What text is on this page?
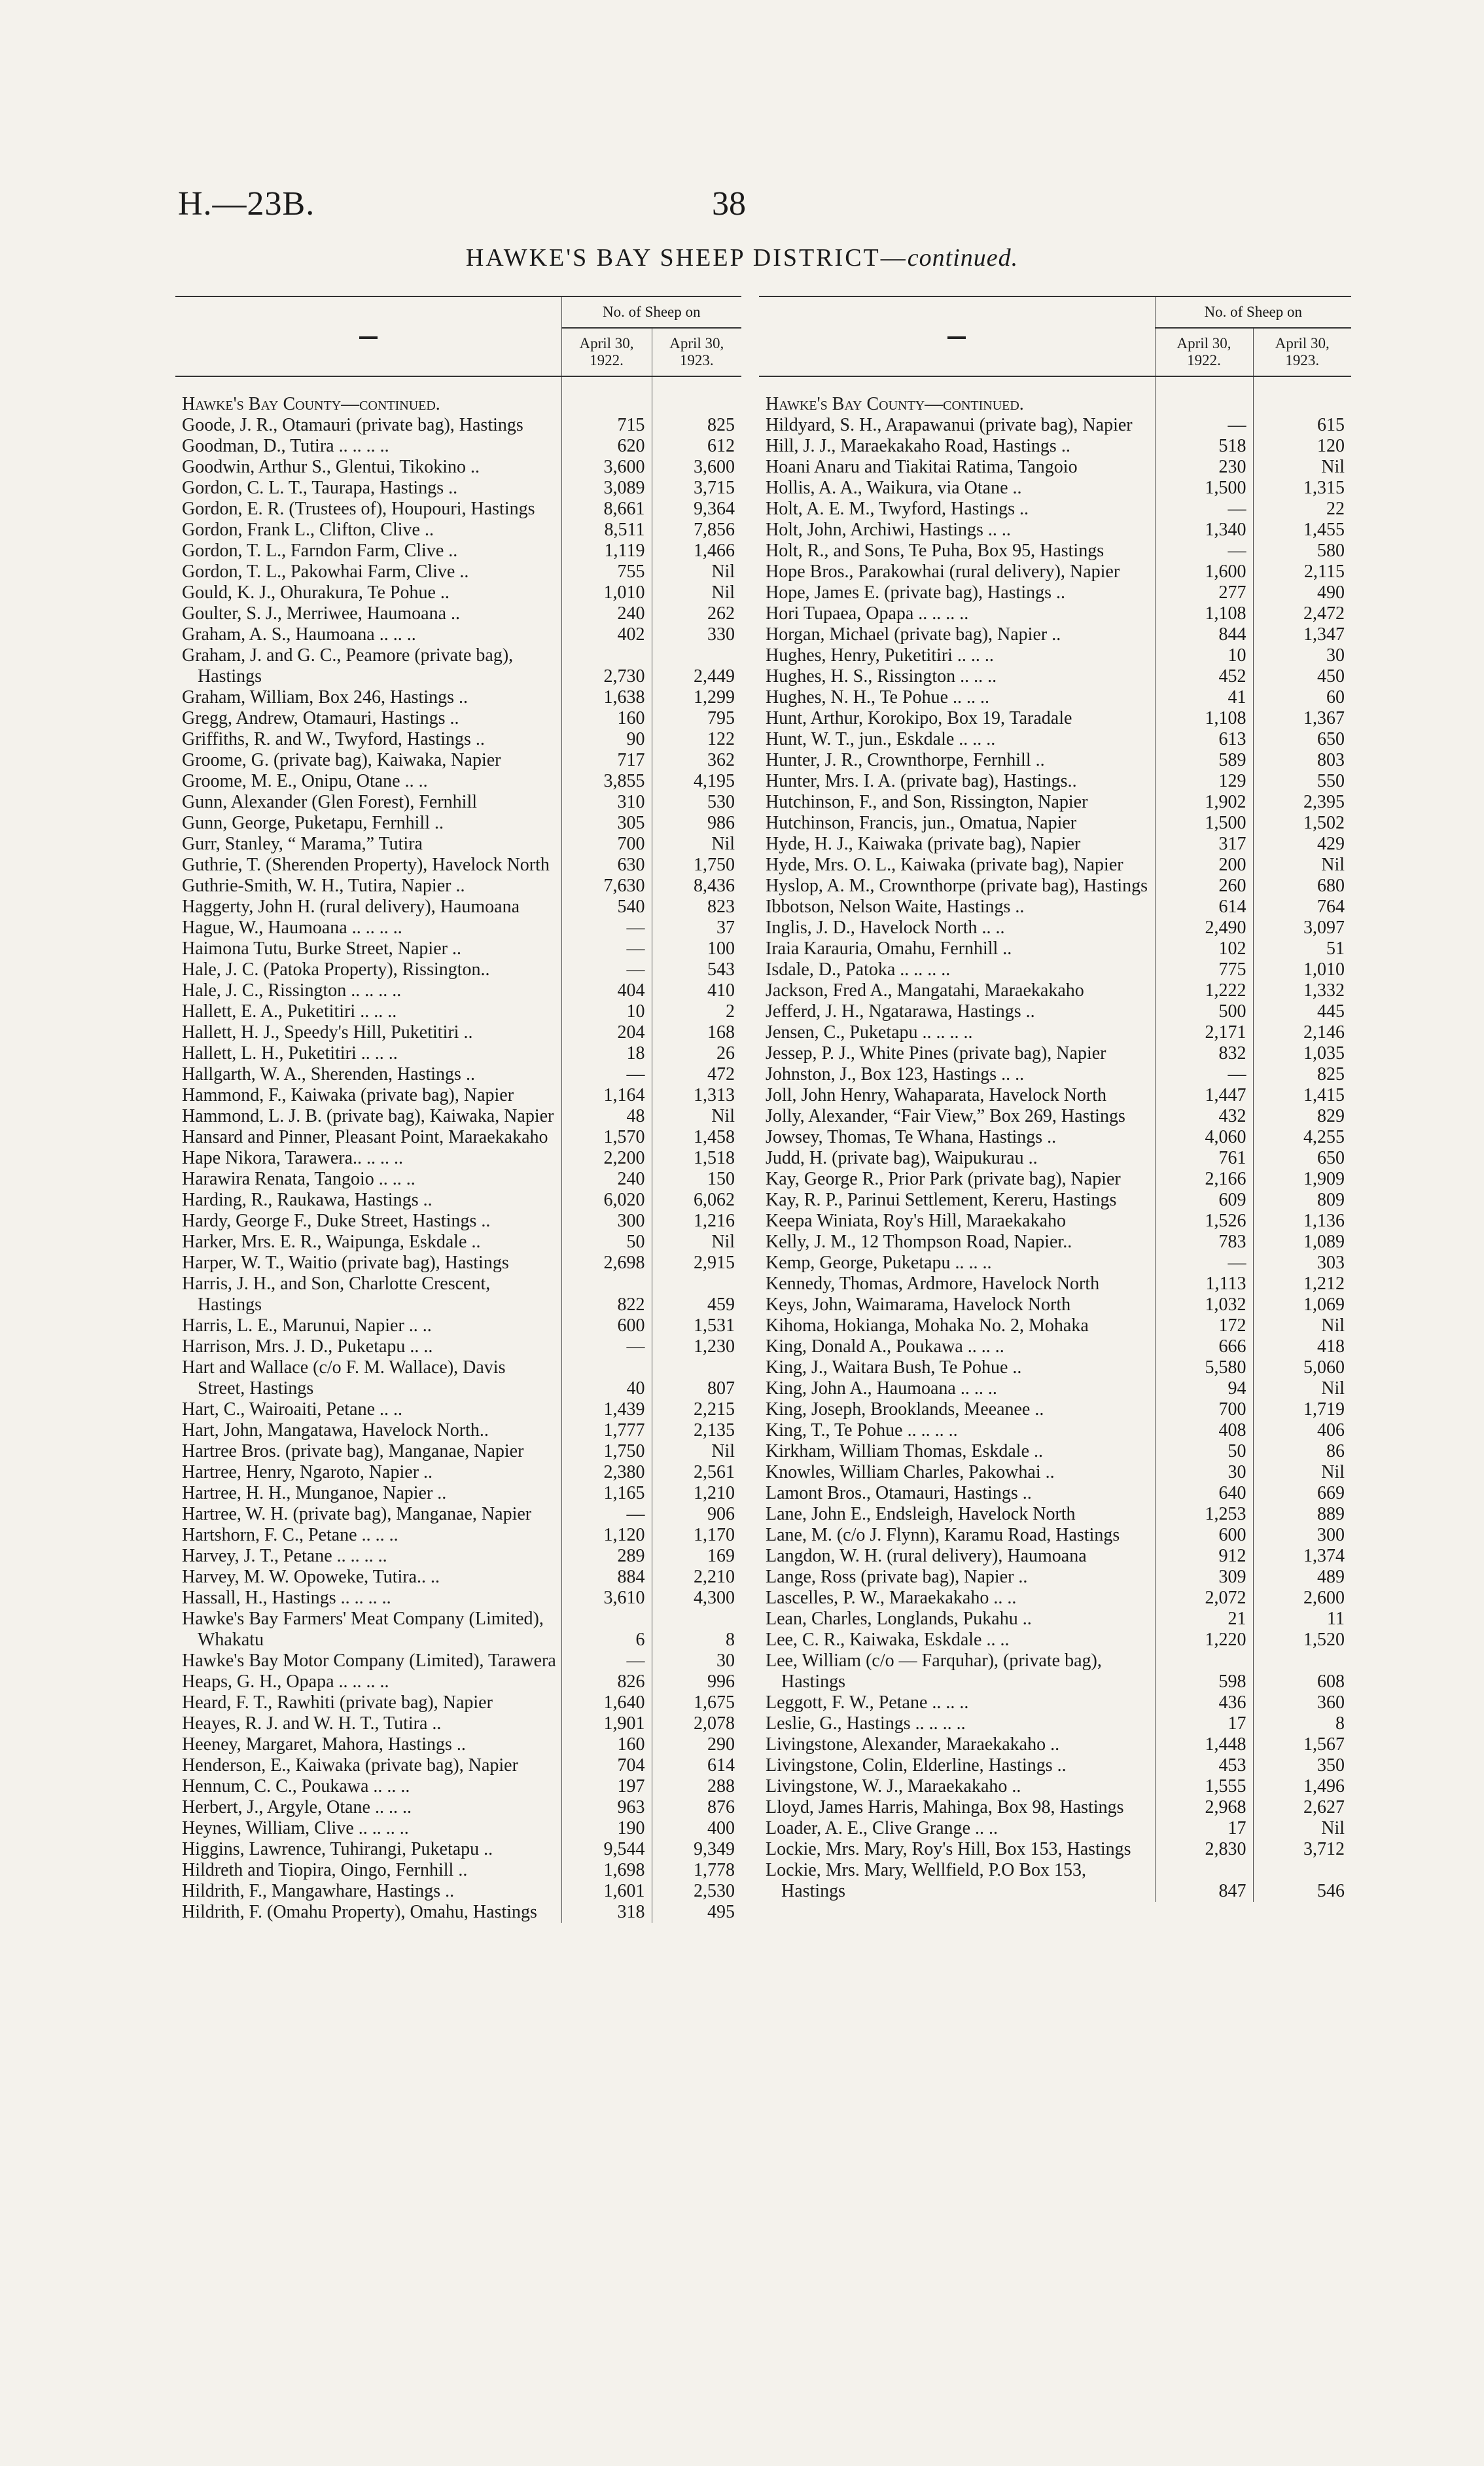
H.—23B.	38
HAWKE'S BAY SHEEP DISTRICT—continued.
	No. of Sheep on	
	April 30, 1922.	April 30, 1923.
Hawke's Bay County—continued.		
Goode, J. R., Otamauri (private bag), Hastings	715	825
Goodman, D., Tutira .. .. .. ..	620	612
Goodwin, Arthur S., Glentui, Tikokino ..	3,600	3,600
Gordon, C. L. T., Taurapa, Hastings ..	3,089	3,715
Gordon, E. R. (Trustees of), Houpouri, Hastings	8,661	9,364
Gordon, Frank L., Clifton, Clive ..	8,511	7,856
Gordon, T. L., Farndon Farm, Clive ..	1,119	1,466
Gordon, T. L., Pakowhai Farm, Clive ..	755	Nil
Gould, K. J., Ohurakura, Te Pohue ..	1,010	Nil
Goulter, S. J., Merriwee, Haumoana ..	240	262
Graham, A. S., Haumoana .. .. ..	402	330
Graham, J. and G. C., Peamore (private bag), Hastings	2,730	2,449
Graham, William, Box 246, Hastings ..	1,638	1,299
Gregg, Andrew, Otamauri, Hastings ..	160	795
Griffiths, R. and W., Twyford, Hastings ..	90	122
Groome, G. (private bag), Kaiwaka, Napier	717	362
Groome, M. E., Onipu, Otane .. ..	3,855	4,195
Gunn, Alexander (Glen Forest), Fernhill	310	530
Gunn, George, Puketapu, Fernhill ..	305	986
Gurr, Stanley, “ Marama,” Tutira	700	Nil
Guthrie, T. (Sherenden Property), Havelock North	630	1,750
Guthrie-Smith, W. H., Tutira, Napier ..	7,630	8,436
Haggerty, John H. (rural delivery), Haumoana	540	823
Hague, W., Haumoana .. .. .. ..	—	37
Haimona Tutu, Burke Street, Napier ..	—	100
Hale, J. C. (Patoka Property), Rissington..	—	543
Hale, J. C., Rissington .. .. .. ..	404	410
Hallett, E. A., Puketitiri .. .. ..	10	2
Hallett, H. J., Speedy's Hill, Puketitiri ..	204	168
Hallett, L. H., Puketitiri .. .. ..	18	26
Hallgarth, W. A., Sherenden, Hastings ..	—	472
Hammond, F., Kaiwaka (private bag), Napier	1,164	1,313
Hammond, L. J. B. (private bag), Kaiwaka, Napier	48	Nil
Hansard and Pinner, Pleasant Point, Maraekakaho	1,570	1,458
Hape Nikora, Tarawera.. .. .. ..	2,200	1,518
Harawira Renata, Tangoio .. .. ..	240	150
Harding, R., Raukawa, Hastings ..	6,020	6,062
Hardy, George F., Duke Street, Hastings ..	300	1,216
Harker, Mrs. E. R., Waipunga, Eskdale ..	50	Nil
Harper, W. T., Waitio (private bag), Hastings	2,698	2,915
Harris, J. H., and Son, Charlotte Crescent, Hastings	822	459
Harris, L. E., Marunui, Napier .. ..	600	1,531
Harrison, Mrs. J. D., Puketapu .. ..	—	1,230
Hart and Wallace (c/o F. M. Wallace), Davis Street, Hastings	40	807
Hart, C., Wairoaiti, Petane .. ..	1,439	2,215
Hart, John, Mangatawa, Havelock North..	1,777	2,135
Hartree Bros. (private bag), Manganae, Napier	1,750	Nil
Hartree, Henry, Ngaroto, Napier ..	2,380	2,561
Hartree, H. H., Munganoe, Napier ..	1,165	1,210
Hartree, W. H. (private bag), Manganae, Napier	—	906
Hartshorn, F. C., Petane .. .. ..	1,120	1,170
Harvey, J. T., Petane .. .. .. ..	289	169
Harvey, M. W. Opoweke, Tutira.. ..	884	2,210
Hassall, H., Hastings .. .. .. ..	3,610	4,300
Hawke's Bay Farmers' Meat Company (Limited), Whakatu	6	8
Hawke's Bay Motor Company (Limited), Tarawera	—	30
Heaps, G. H., Opapa .. .. .. ..	826	996
Heard, F. T., Rawhiti (private bag), Napier	1,640	1,675
Heayes, R. J. and W. H. T., Tutira ..	1,901	2,078
Heeney, Margaret, Mahora, Hastings ..	160	290
Henderson, E., Kaiwaka (private bag), Napier	704	614
Hennum, C. C., Poukawa .. .. ..	197	288
Herbert, J., Argyle, Otane .. .. ..	963	876
Heynes, William, Clive .. .. .. ..	190	400
Higgins, Lawrence, Tuhirangi, Puketapu ..	9,544	9,349
Hildreth and Tiopira, Oingo, Fernhill ..	1,698	1,778
Hildrith, F., Mangawhare, Hastings ..	1,601	2,530
Hildrith, F. (Omahu Property), Omahu, Hastings	318	495
	No. of Sheep on	
	April 30, 1922.	April 30, 1923.
Hawke's Bay County—continued.		
Hildyard, S. H., Arapawanui (private bag), Napier	—	615
Hill, J. J., Maraekakaho Road, Hastings ..	518	120
Hoani Anaru and Tiakitai Ratima, Tangoio	230	Nil
Hollis, A. A., Waikura, via Otane ..	1,500	1,315
Holt, A. E. M., Twyford, Hastings ..	—	22
Holt, John, Archiwi, Hastings .. ..	1,340	1,455
Holt, R., and Sons, Te Puha, Box 95, Hastings	—	580
Hope Bros., Parakowhai (rural delivery), Napier	1,600	2,115
Hope, James E. (private bag), Hastings ..	277	490
Hori Tupaea, Opapa .. .. .. ..	1,108	2,472
Horgan, Michael (private bag), Napier ..	844	1,347
Hughes, Henry, Puketitiri .. .. ..	10	30
Hughes, H. S., Rissington .. .. ..	452	450
Hughes, N. H., Te Pohue .. .. ..	41	60
Hunt, Arthur, Korokipo, Box 19, Taradale	1,108	1,367
Hunt, W. T., jun., Eskdale .. .. ..	613	650
Hunter, J. R., Crownthorpe, Fernhill ..	589	803
Hunter, Mrs. I. A. (private bag), Hastings..	129	550
Hutchinson, F., and Son, Rissington, Napier	1,902	2,395
Hutchinson, Francis, jun., Omatua, Napier	1,500	1,502
Hyde, H. J., Kaiwaka (private bag), Napier	317	429
Hyde, Mrs. O. L., Kaiwaka (private bag), Napier	200	Nil
Hyslop, A. M., Crownthorpe (private bag), Hastings	260	680
Ibbotson, Nelson Waite, Hastings ..	614	764
Inglis, J. D., Havelock North .. ..	2,490	3,097
Iraia Karauria, Omahu, Fernhill ..	102	51
Isdale, D., Patoka .. .. .. ..	775	1,010
Jackson, Fred A., Mangatahi, Maraekakaho	1,222	1,332
Jefferd, J. H., Ngatarawa, Hastings ..	500	445
Jensen, C., Puketapu .. .. .. ..	2,171	2,146
Jessep, P. J., White Pines (private bag), Napier	832	1,035
Johnston, J., Box 123, Hastings .. ..	—	825
Joll, John Henry, Wahaparata, Havelock North	1,447	1,415
Jolly, Alexander, “Fair View,” Box 269, Hastings	432	829
Jowsey, Thomas, Te Whana, Hastings ..	4,060	4,255
Judd, H. (private bag), Waipukurau ..	761	650
Kay, George R., Prior Park (private bag), Napier	2,166	1,909
Kay, R. P., Parinui Settlement, Kereru, Hastings	609	809
Keepa Winiata, Roy's Hill, Maraekakaho	1,526	1,136
Kelly, J. M., 12 Thompson Road, Napier..	783	1,089
Kemp, George, Puketapu .. .. ..	—	303
Kennedy, Thomas, Ardmore, Havelock North	1,113	1,212
Keys, John, Waimarama, Havelock North	1,032	1,069
Kihoma, Hokianga, Mohaka No. 2, Mohaka	172	Nil
King, Donald A., Poukawa .. .. ..	666	418
King, J., Waitara Bush, Te Pohue ..	5,580	5,060
King, John A., Haumoana .. .. ..	94	Nil
King, Joseph, Brooklands, Meeanee ..	700	1,719
King, T., Te Pohue .. .. .. ..	408	406
Kirkham, William Thomas, Eskdale ..	50	86
Knowles, William Charles, Pakowhai ..	30	Nil
Lamont Bros., Otamauri, Hastings ..	640	669
Lane, John E., Endsleigh, Havelock North	1,253	889
Lane, M. (c/o J. Flynn), Karamu Road, Hastings	600	300
Langdon, W. H. (rural delivery), Haumoana	912	1,374
Lange, Ross (private bag), Napier ..	309	489
Lascelles, P. W., Maraekakaho .. ..	2,072	2,600
Lean, Charles, Longlands, Pukahu ..	21	11
Lee, C. R., Kaiwaka, Eskdale .. ..	1,220	1,520
Lee, William (c/o — Farquhar), (private bag), Hastings	598	608
Leggott, F. W., Petane .. .. ..	436	360
Leslie, G., Hastings .. .. .. ..	17	8
Livingstone, Alexander, Maraekakaho ..	1,448	1,567
Livingstone, Colin, Elderline, Hastings ..	453	350
Livingstone, W. J., Maraekakaho ..	1,555	1,496
Lloyd, James Harris, Mahinga, Box 98, Hastings	2,968	2,627
Loader, A. E., Clive Grange .. ..	17	Nil
Lockie, Mrs. Mary, Roy's Hill, Box 153, Hastings	2,830	3,712
Lockie, Mrs. Mary, Wellfield, P.O Box 153, Hastings	847	546
